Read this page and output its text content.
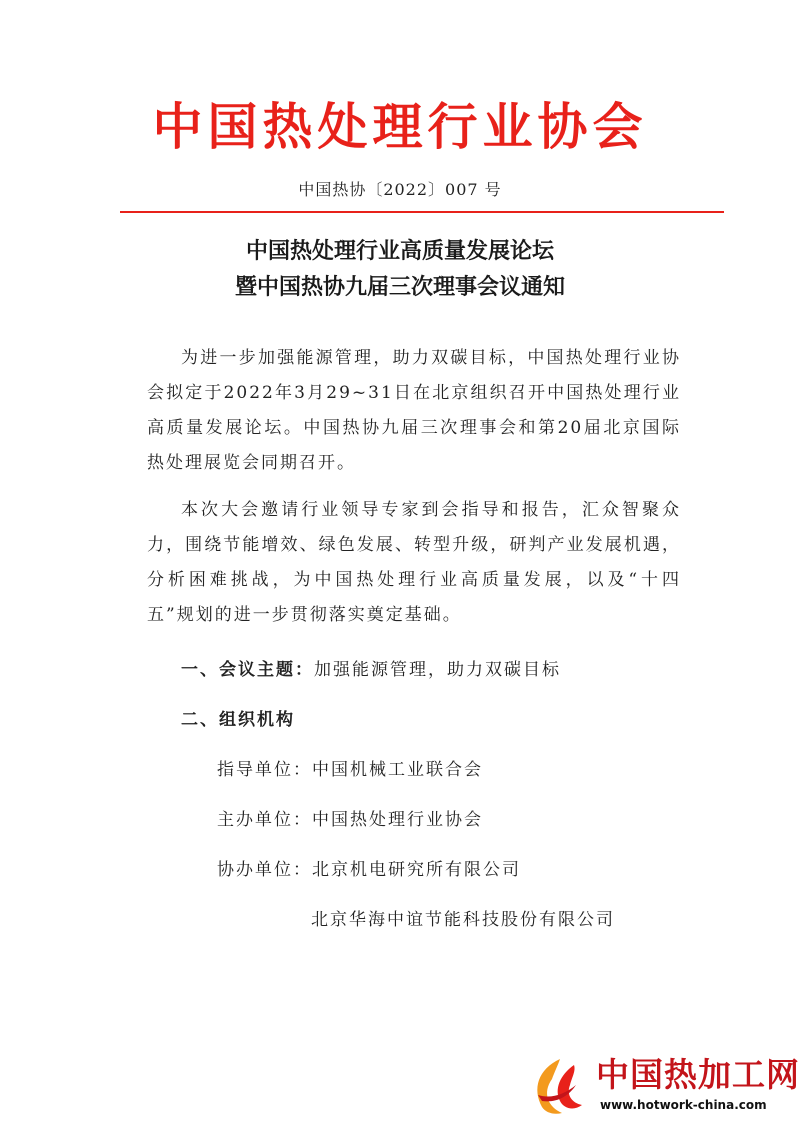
中国热处理行业协会
中国热协〔2022〕007 号
中国热处理行业高质量发展论坛
暨中国热协九届三次理事会议通知

为进一步加强能源管理，助力双碳目标，中国热处理行业协会拟定于2022年3月29~31日在北京组织召开中国热处理行业高质量发展论坛。中国热协九届三次理事会和第20届北京国际热处理展览会同期召开。

本次大会邀请行业领导专家到会指导和报告，汇众智聚众力，围绕节能增效、绿色发展、转型升级，研判产业发展机遇，分析困难挑战，为中国热处理行业高质量发展，以及“十四五”规划的进一步贯彻落实奠定基础。

一、会议主题：加强能源管理，助力双碳目标
二、组织机构
指导单位：中国机械工业联合会
主办单位：中国热处理行业协会
协办单位：北京机电研究所有限公司
北京华海中谊节能科技股份有限公司
中国热加工网
www.hotwork-china.com
